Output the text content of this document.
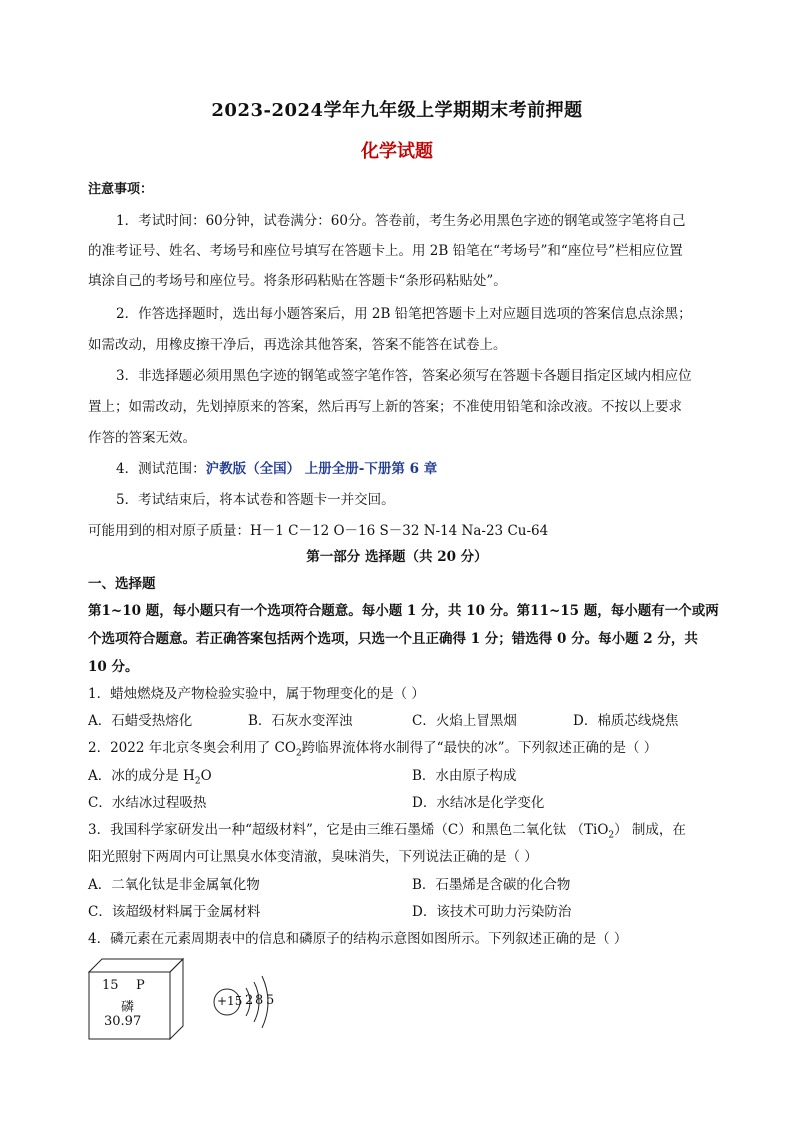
2023-2024学年九年级上学期期末考前押题
化学试题
注意事项：
1．考试时间：60分钟，试卷满分：60分。答卷前，考生务必用黑色字迹的钢笔或签字笔将自己
的准考证号、姓名、考场号和座位号填写在答题卡上。用 2B 铅笔在“考场号”和“座位号”栏相应位置
填涂自己的考场号和座位号。将条形码粘贴在答题卡“条形码粘贴处”。
2．作答选择题时，选出每小题答案后，用 2B 铅笔把答题卡上对应题目选项的答案信息点涂黑；
如需改动，用橡皮擦干净后，再选涂其他答案，答案不能答在试卷上。
3．非选择题必须用黑色字迹的钢笔或签字笔作答，答案必须写在答题卡各题目指定区域内相应位
置上；如需改动，先划掉原来的答案，然后再写上新的答案；不准使用铅笔和涂改液。不按以上要求
作答的答案无效。
4．测试范围：沪教版（全国） 上册全册-下册第 6 章
5．考试结束后，将本试卷和答题卡一并交回。
可能用到的相对原子质量：H－1 C－12 O－16 S－32 N-14 Na-23 Cu-64
第一部分 选择题（共 20 分）
一、选择题
第1~10 题，每小题只有一个选项符合题意。每小题 1 分，共 10 分。第11~15 题，每小题有一个或两
个选项符合题意。若正确答案包括两个选项，只选一个且正确得 1 分；错选得 0 分。每小题 2 分，共
10 分。
1．蜡烛燃烧及产物检验实验中，属于物理变化的是（ ）
A．石蜡受热熔化	B．石灰水变浑浊	C．火焰上冒黑烟	D．棉质芯线烧焦
2．2022 年北京冬奥会利用了 $CO_2$跨临界流体将水制得了“最快的冰”。下列叙述正确的是（ ）
A．冰的成分是 $H_2O$	B．水由原子构成
C．水结冰过程吸热	D．水结冰是化学变化
3．我国科学家研发出一种“超级材料”，它是由三维石墨烯（C）和黑色二氧化钛 （TiO$_2$） 制成，在
阳光照射下两周内可让黑臭水体变清澈，臭味消失，下列说法正确的是（ ）
A．二氧化钛是非金属氧化物	B．石墨烯是含碳的化合物
C．该超级材料属于金属材料	D．该技术可助力污染防治
4．磷元素在元素周期表中的信息和磷原子的结构示意图如图所示。下列叙述正确的是（ ）
15 P
磷
30.97
+15 2 8 5
